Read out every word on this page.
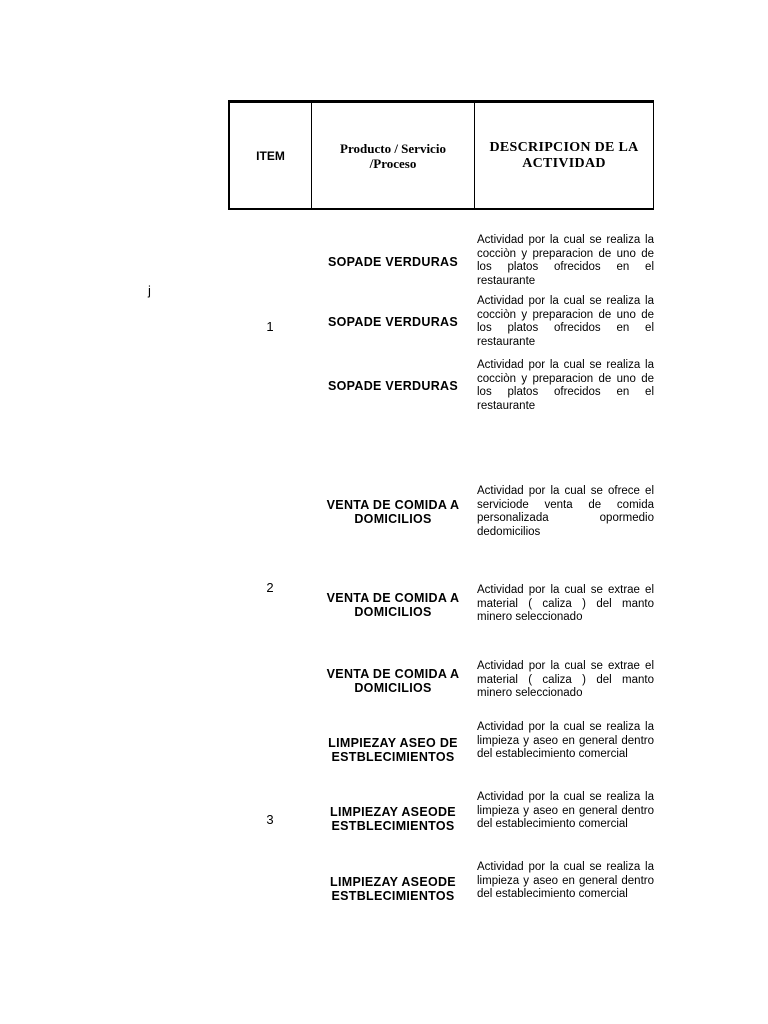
ITEM	Producto / Servicio /Proceso
DESCRIPCION DE LA ACTIVIDAD
j
1
2
3
SOPADE VERDURAS
Actividad por la cual se realiza la cocciòn y preparacion de uno de los platos ofrecidos en el restaurante
SOPADE VERDURAS
Actividad por la cual se realiza la cocciòn y preparacion de uno de los platos ofrecidos en el restaurante
SOPADE VERDURAS
Actividad por la cual se realiza la cocciòn y preparacion de uno de los platos ofrecidos en el restaurante
VENTA DE COMIDA A DOMICILIOS
Actividad por la cual se ofrece el serviciode venta de comida personalizada opormedio dedomicilios
VENTA DE COMIDA A DOMICILIOS
Actividad por la cual se extrae el material ( caliza ) del manto minero seleccionado
VENTA DE COMIDA A DOMICILIOS
Actividad por la cual se extrae el material ( caliza ) del manto minero seleccionado
LIMPIEZAY ASEO DE ESTBLECIMIENTOS
Actividad por la cual se realiza la limpieza y aseo en general dentro del establecimiento comercial
LIMPIEZAY ASEODE ESTBLECIMIENTOS
Actividad por la cual se realiza la limpieza y aseo en general dentro del establecimiento comercial
LIMPIEZAY ASEODE ESTBLECIMIENTOS
Actividad por la cual se realiza la limpieza y aseo en general dentro del establecimiento comercial
